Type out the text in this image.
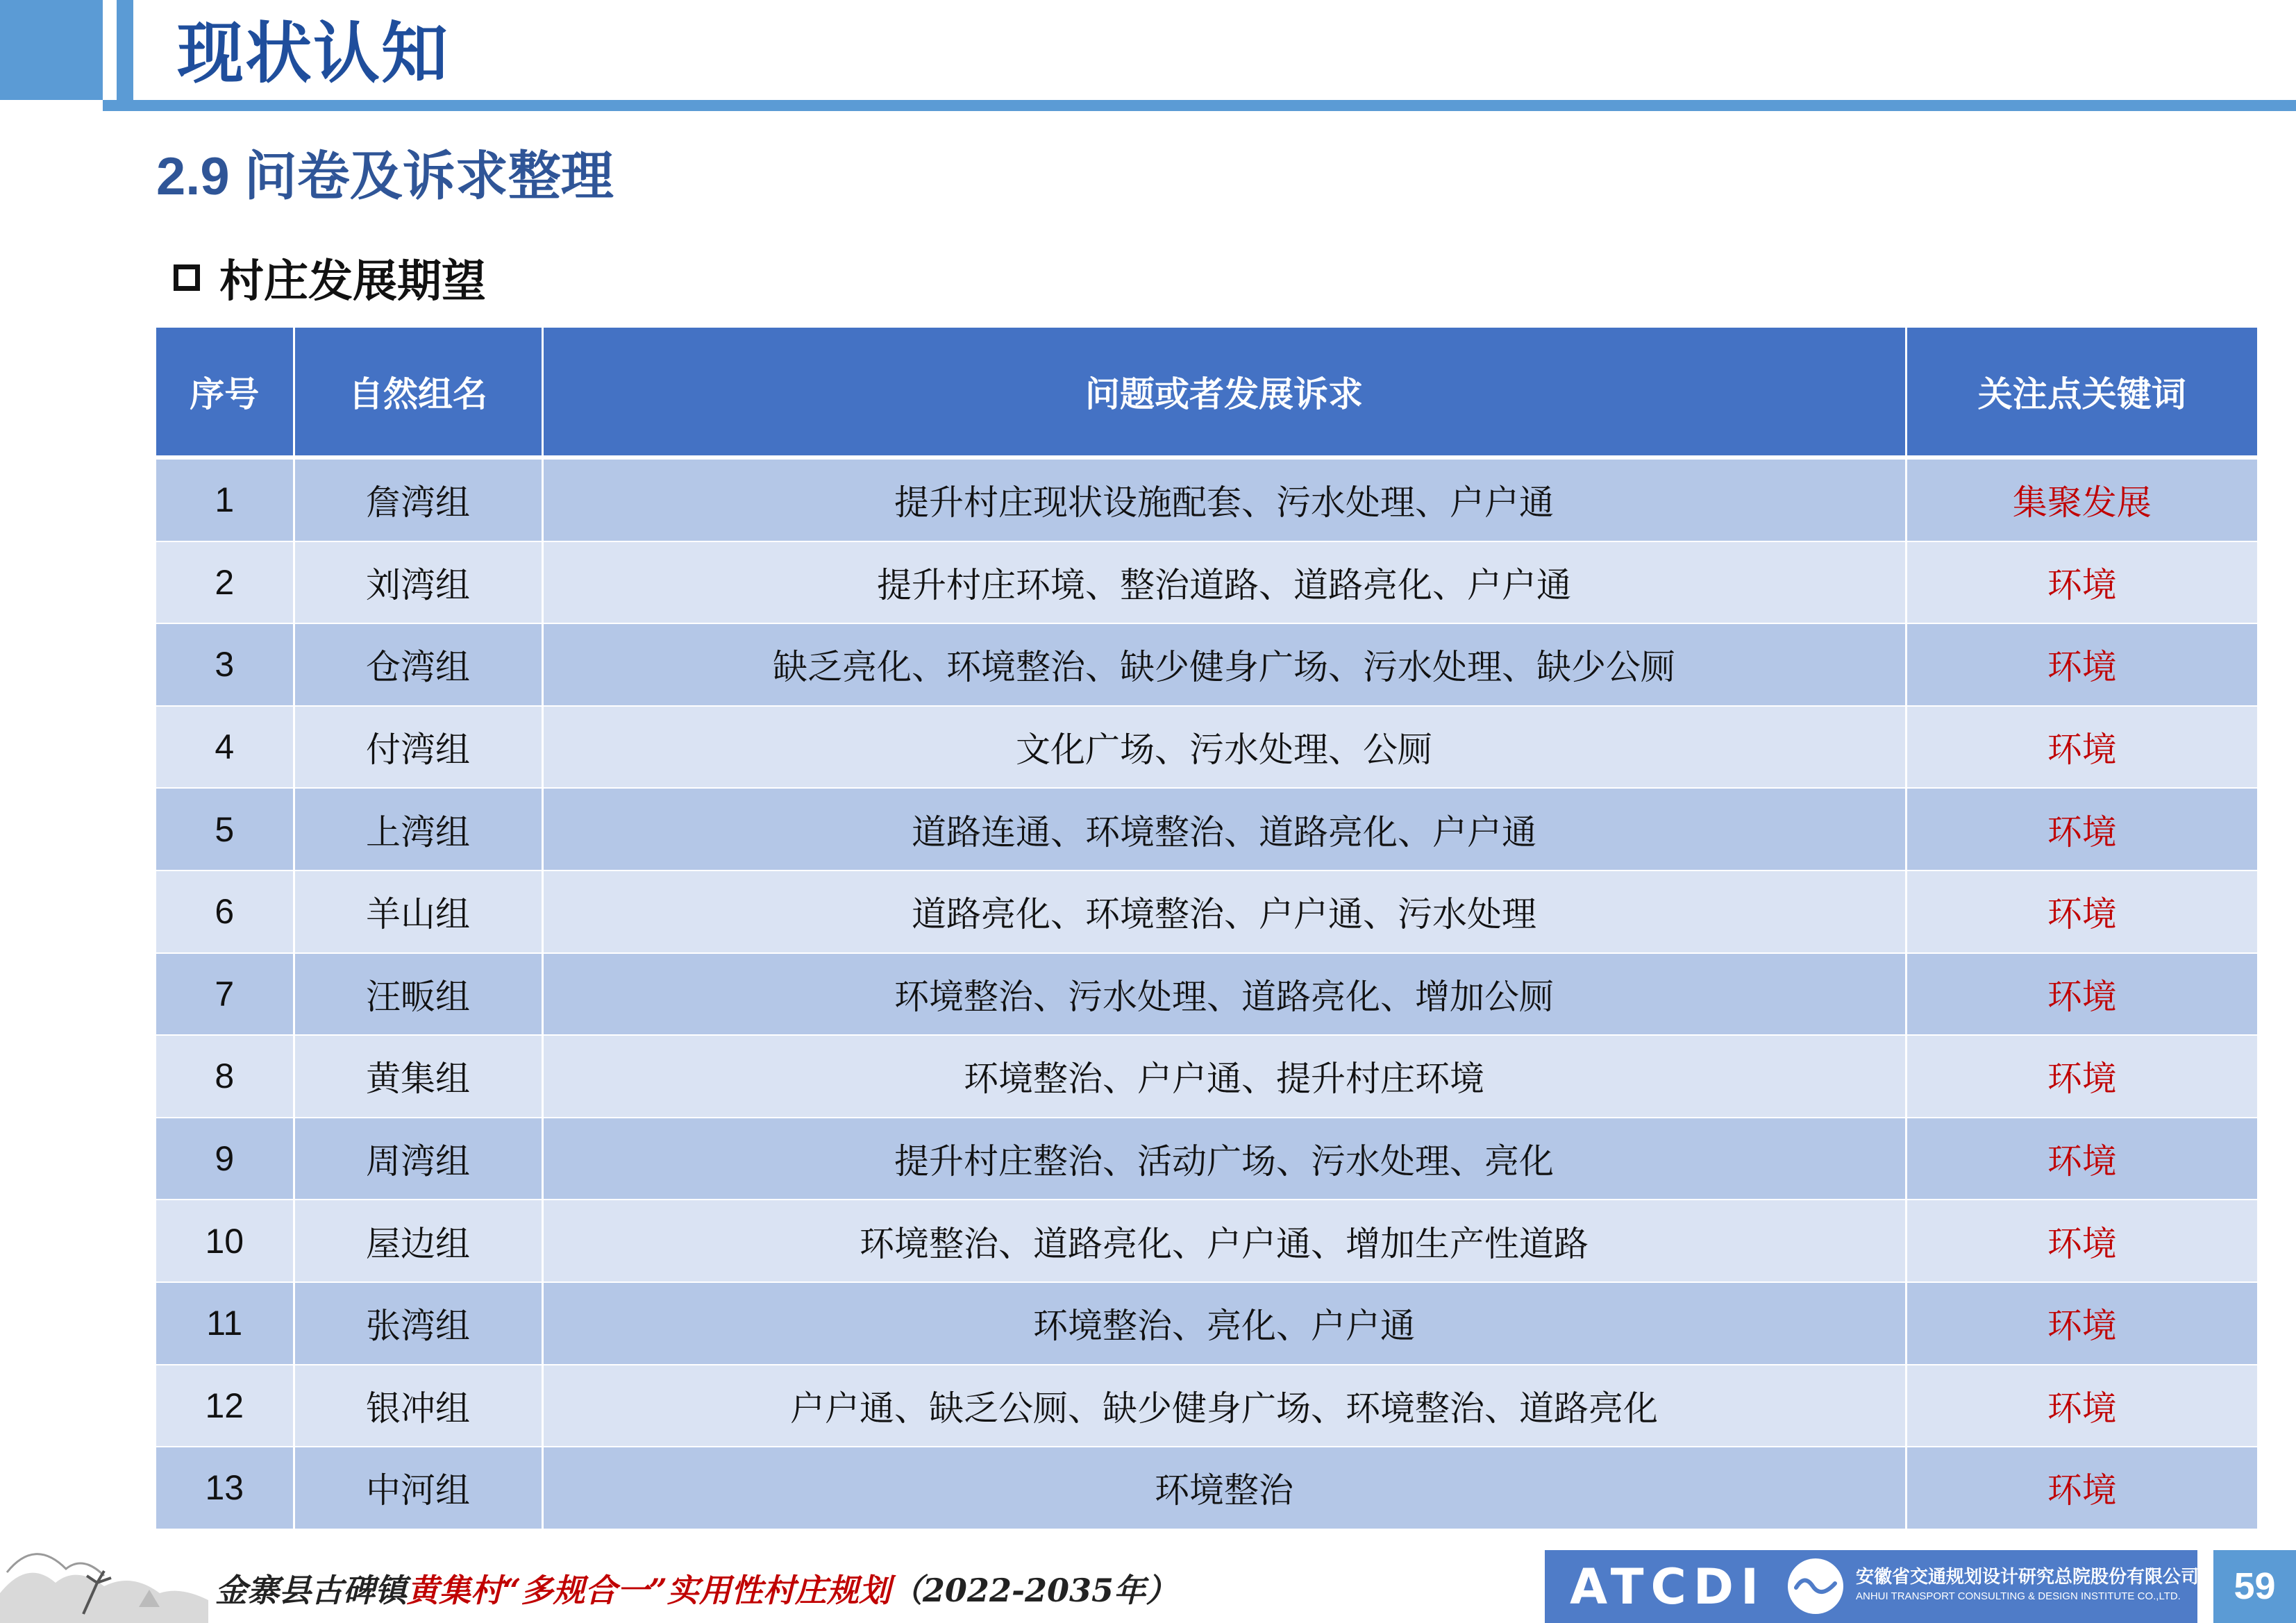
现状认知
2.9 问卷及诉求整理
村庄发展期望
序号	自然组名	问题或者发展诉求	关注点关键词
1	詹湾组	提升村庄现状设施配套、污水处理、户户通	集聚发展
2	刘湾组	提升村庄环境、整治道路、道路亮化、户户通	环境
3	仓湾组	缺乏亮化、环境整治、缺少健身广场、污水处理、缺少公厕	环境
4	付湾组	文化广场、污水处理、公厕	环境
5	上湾组	道路连通、环境整治、道路亮化、户户通	环境
6	羊山组	道路亮化、环境整治、户户通、污水处理	环境
7	汪畈组	环境整治、污水处理、道路亮化、增加公厕	环境
8	黄集组	环境整治、户户通、提升村庄环境	环境
9	周湾组	提升村庄整治、活动广场、污水处理、亮化	环境
10	屋边组	环境整治、道路亮化、户户通、增加生产性道路	环境
11	张湾组	环境整治、亮化、户户通	环境
12	银冲组	户户通、缺乏公厕、缺少健身广场、环境整治、道路亮化	环境
13	中河组	环境整治	环境
金寨县古碑镇黄集村“多规合一”实用性村庄规划（2022-2035年）	ATCDI	安徽省交通规划设计研究总院股份有限公司
ANHUI TRANSPORT CONSULTING & DESIGN INSTITUTE CO.,LTD.	59
